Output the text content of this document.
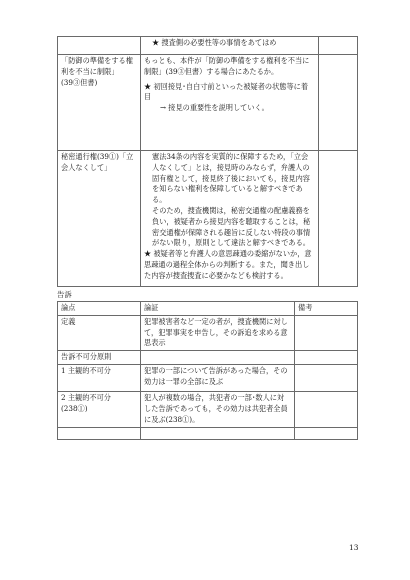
	★ 捜査側の必要性等の事情をあてはめ	

「防御の準備をする権利を不当に制限」(39③但書)	もっとも、本件が「防御の準備をする権利を不当に制限」(39③但書）する場合にあたるか。

★ 初回接見･自白寸前といった被疑者の状態等に着目

→ 接見の重要性を説明していく。	

秘密通行権(39①)「立会人なくして」	憲法34条の内容を実質的に保障するため，「立会人なくして」とは，接見時のみならず，弁護人の固有権として，接見終了後においても，接見内容を知らない権利を保障していると解すべきである。

そのため，捜査機関は，秘密交通権の配慮義務を負い，被疑者から接見内容を聴取することは，秘密交通権が保障される趣旨に反しない特段の事情がない限り，原則として違法と解すべきである。

★ 被疑者等と弁護人の意思疎通の委縮がないか，意思疎通の過程全体からの判断する。また，聞き出した内容が捜査捜査に必要かなども検討する。	

告訴
論点	論証	備考
定義	犯罪被害者など一定の者が，捜査機関に対して，犯罪事実を申告し，その訴追を求める意思表示	
告訴不可分原則		
1 主観的不可分	犯罪の一部について告訴があった場合，その効力は一罪の全部に及ぶ	
2 主観的不可分(238①)	犯人が複数の場合，共犯者の一部･数人に対した告訴であっても，その効力は共犯者全員に及ぶ(238①)。	

13
